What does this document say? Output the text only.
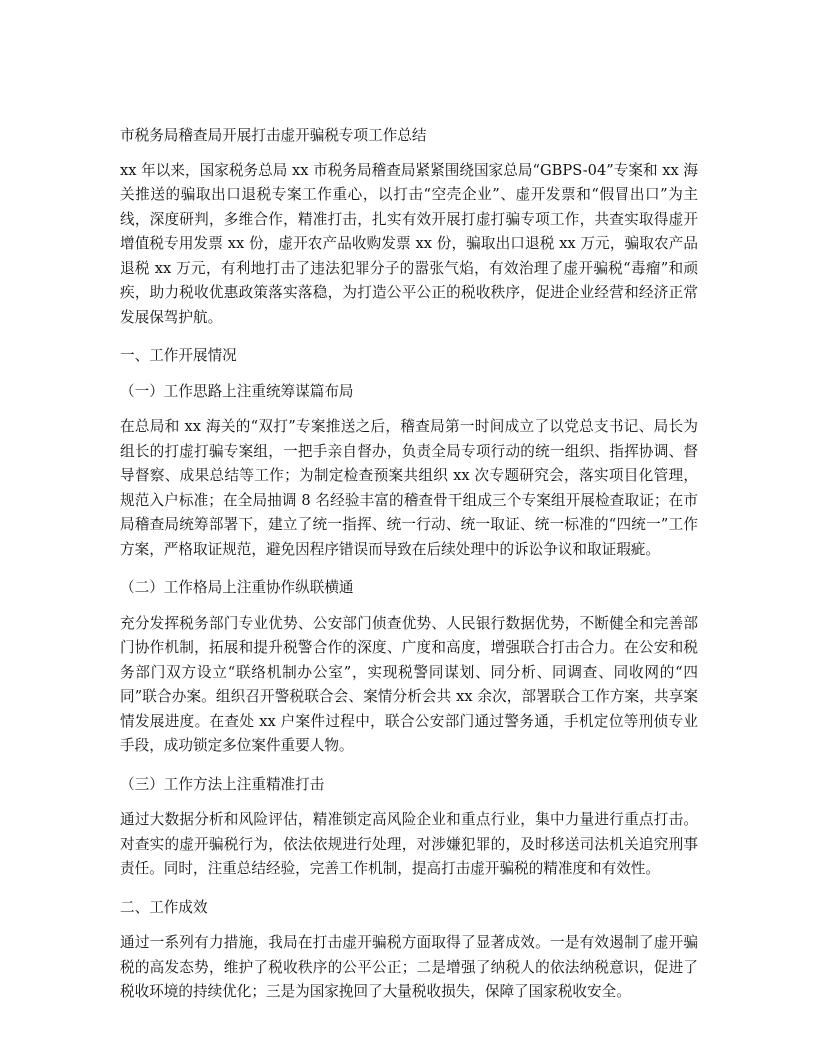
市税务局稽查局开展打击虚开骗税专项工作总结

xx 年以来，国家税务总局 xx 市税务局稽查局紧紧围绕国家总局“GBPS-04”专案和 xx 海关推送的骗取出口退税专案工作重心，以打击“空壳企业”、虚开发票和“假冒出口”为主线，深度研判，多维合作，精准打击，扎实有效开展打虚打骗专项工作，共查实取得虚开增值税专用发票 xx 份，虚开农产品收购发票 xx 份，骗取出口退税 xx 万元，骗取农产品退税 xx 万元，有利地打击了违法犯罪分子的嚣张气焰，有效治理了虚开骗税“毒瘤”和顽疾，助力税收优惠政策落实落稳，为打造公平公正的税收秩序，促进企业经营和经济正常发展保驾护航。

一、工作开展情况

（一）工作思路上注重统筹谋篇布局

在总局和 xx 海关的“双打”专案推送之后，稽查局第一时间成立了以党总支书记、局长为组长的打虚打骗专案组，一把手亲自督办，负责全局专项行动的统一组织、指挥协调、督导督察、成果总结等工作；为制定检查预案共组织 xx 次专题研究会，落实项目化管理，规范入户标准；在全局抽调 8 名经验丰富的稽查骨干组成三个专案组开展检查取证；在市局稽查局统筹部署下，建立了统一指挥、统一行动、统一取证、统一标准的“四统一”工作方案，严格取证规范，避免因程序错误而导致在后续处理中的诉讼争议和取证瑕疵。

（二）工作格局上注重协作纵联横通

充分发挥税务部门专业优势、公安部门侦查优势、人民银行数据优势，不断健全和完善部门协作机制，拓展和提升税警合作的深度、广度和高度，增强联合打击合力。在公安和税务部门双方设立“联络机制办公室”，实现税警同谋划、同分析、同调查、同收网的“四同”联合办案。组织召开警税联合会、案情分析会共 xx 余次，部署联合工作方案，共享案情发展进度。在查处 xx 户案件过程中，联合公安部门通过警务通，手机定位等刑侦专业手段，成功锁定多位案件重要人物。

（三）工作方法上注重精准打击

通过大数据分析和风险评估，精准锁定高风险企业和重点行业，集中力量进行重点打击。对查实的虚开骗税行为，依法依规进行处理，对涉嫌犯罪的，及时移送司法机关追究刑事责任。同时，注重总结经验，完善工作机制，提高打击虚开骗税的精准度和有效性。

二、工作成效

通过一系列有力措施，我局在打击虚开骗税方面取得了显著成效。一是有效遏制了虚开骗税的高发态势，维护了税收秩序的公平公正；二是增强了纳税人的依法纳税意识，促进了税收环境的持续优化；三是为国家挽回了大量税收损失，保障了国家税收安全。
